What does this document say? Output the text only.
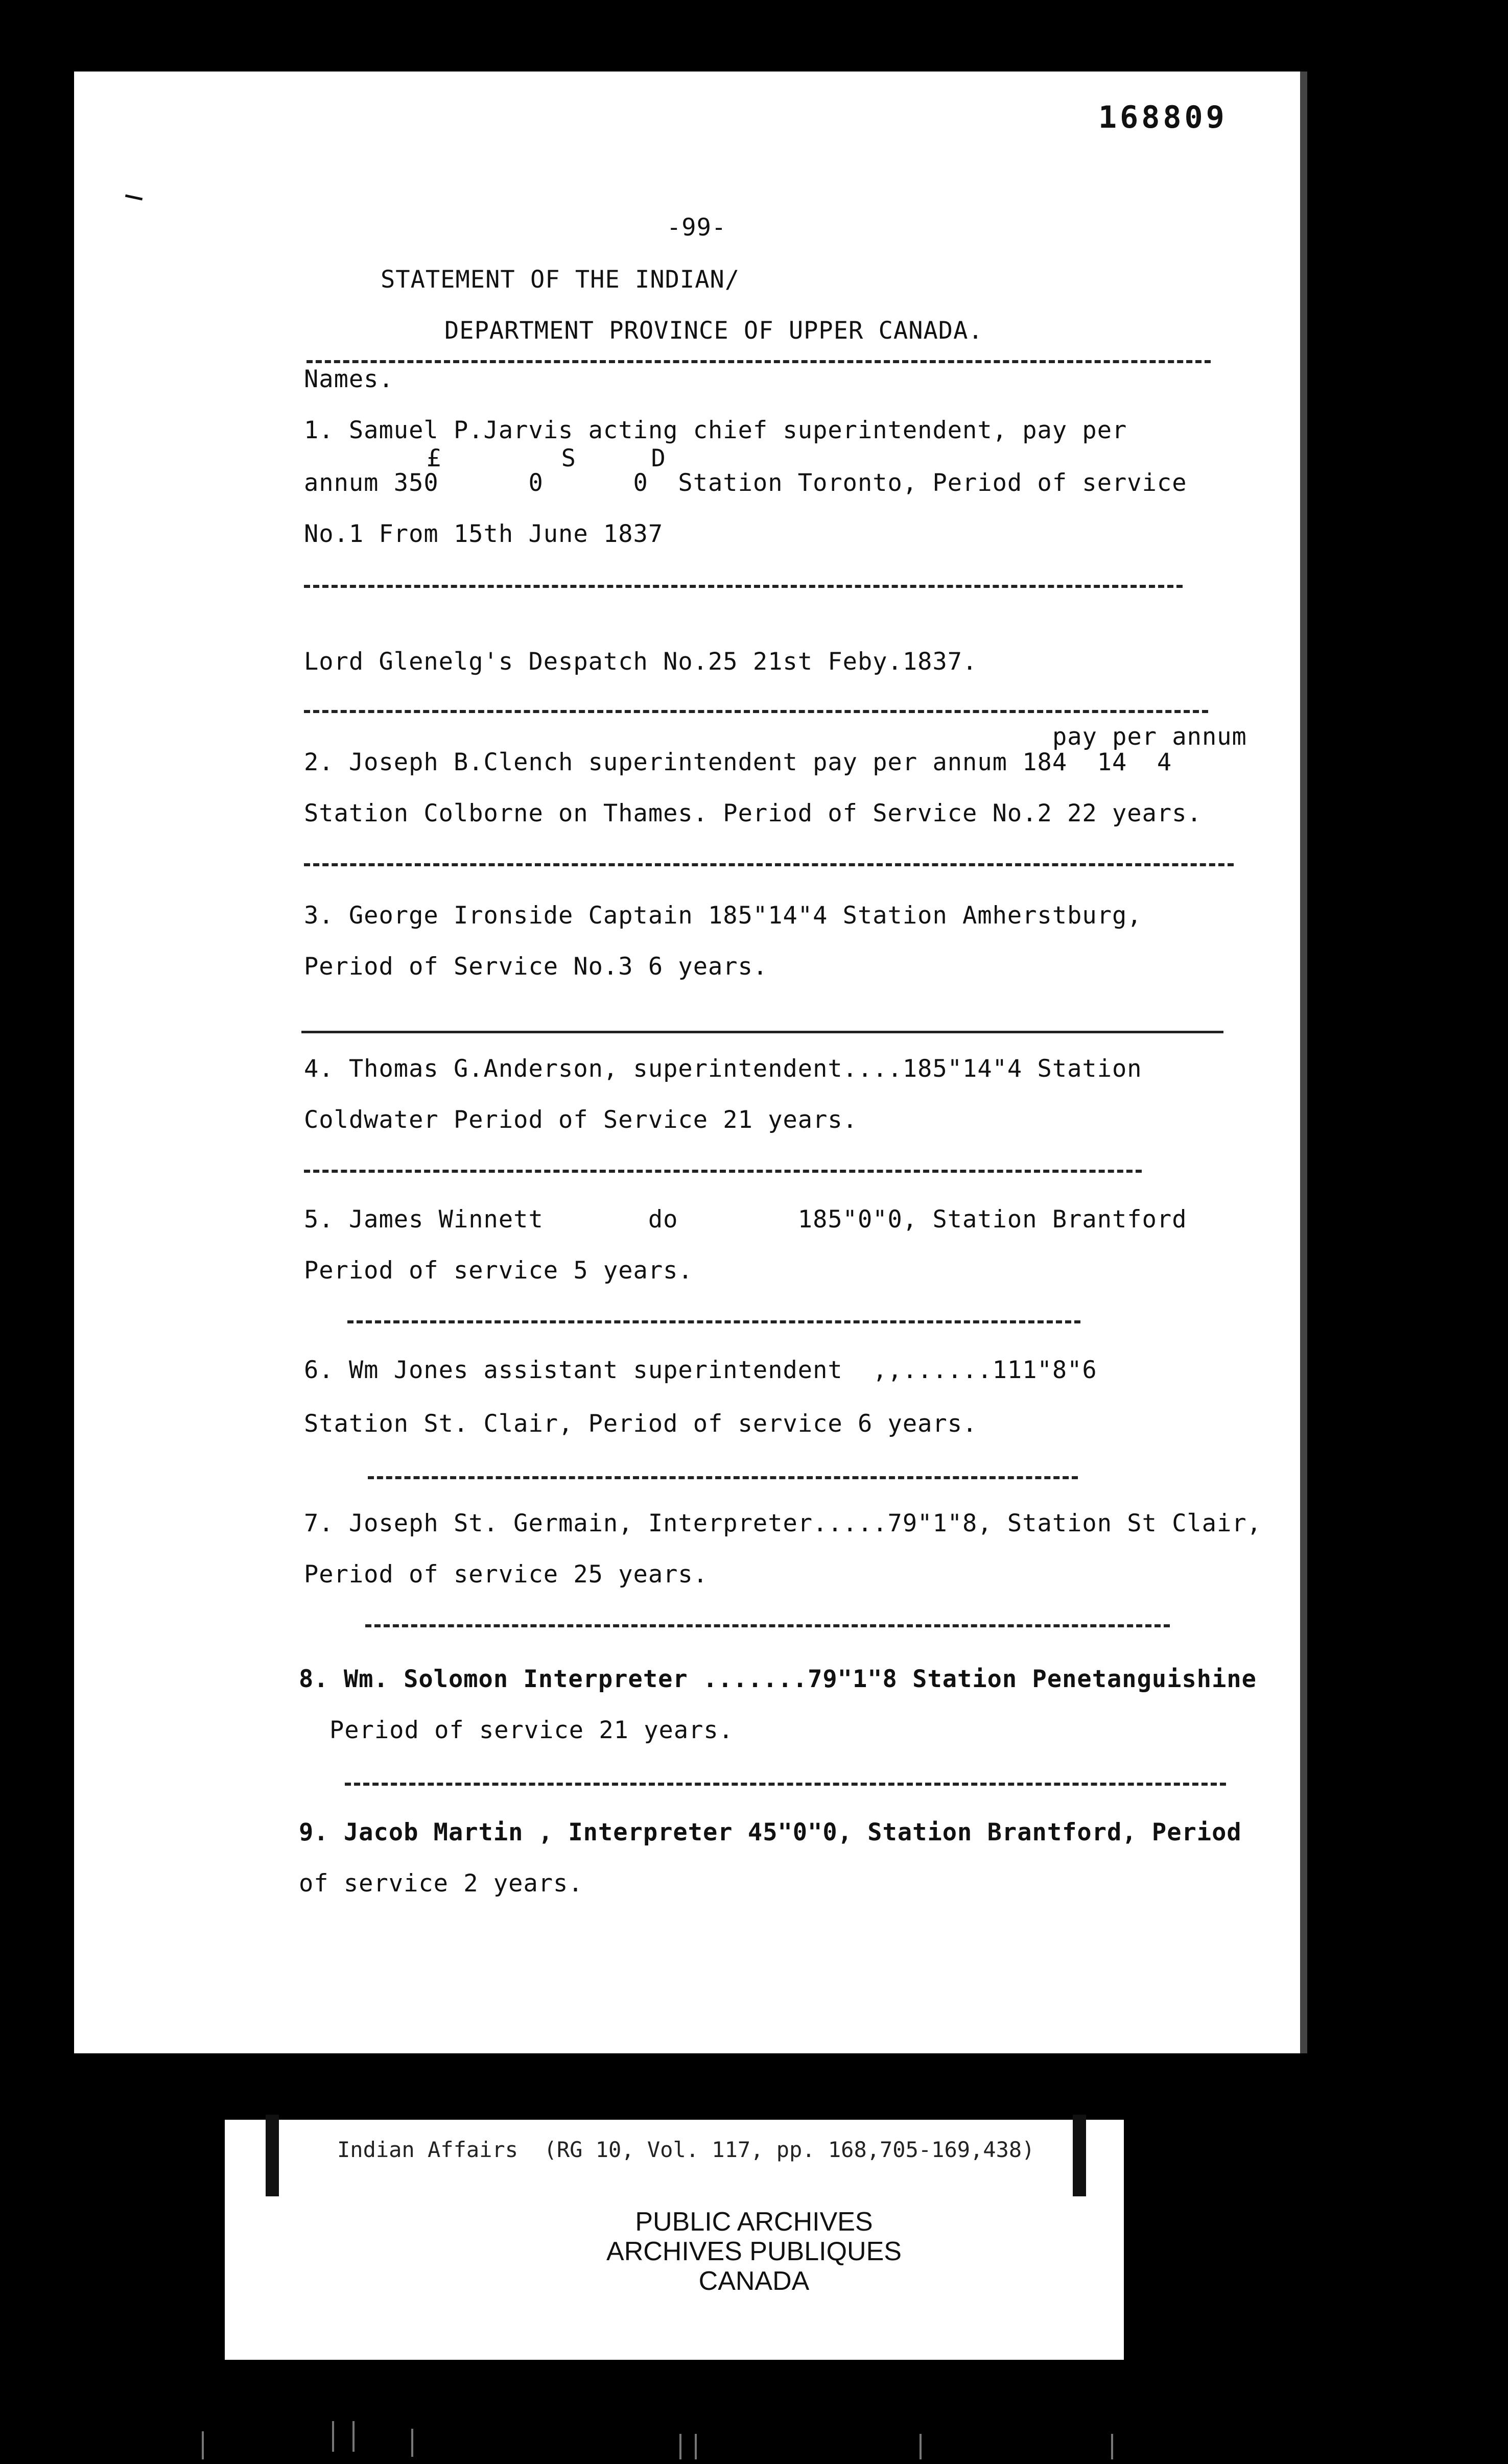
168809
-99-
STATEMENT OF THE INDIAN/
DEPARTMENT PROVINCE OF UPPER CANADA.
Names.
1. Samuel P.Jarvis acting chief superintendent, pay per
£        S     D
annum 350      0      0  Station Toronto, Period of service
No.1 From 15th June 1837
Lord Glenelg's Despatch No.25 21st Feby.1837.
pay per annum
2. Joseph B.Clench superintendent pay per annum 184  14  4
Station Colborne on Thames. Period of Service No.2 22 years.
3. George Ironside Captain 185"14"4 Station Amherstburg,
Period of Service No.3 6 years.
4. Thomas G.Anderson, superintendent....185"14"4 Station
Coldwater Period of Service 21 years.
5. James Winnett       do        185"0"0, Station Brantford
Period of service 5 years.
6. Wm Jones assistant superintendent  ,,......111"8"6
Station St. Clair, Period of service 6 years.
7. Joseph St. Germain, Interpreter.....79"1"8, Station St Clair,
Period of service 25 years.
8. Wm. Solomon Interpreter .......79"1"8 Station Penetanguishine
Period of service 21 years.
9. Jacob Martin , Interpreter 45"0"0, Station Brantford, Period
of service 2 years.
Indian Affairs  (RG 10, Vol. 117, pp. 168,705-169,438)
PUBLIC ARCHIVES
ARCHIVES PUBLIQUES
CANADA
